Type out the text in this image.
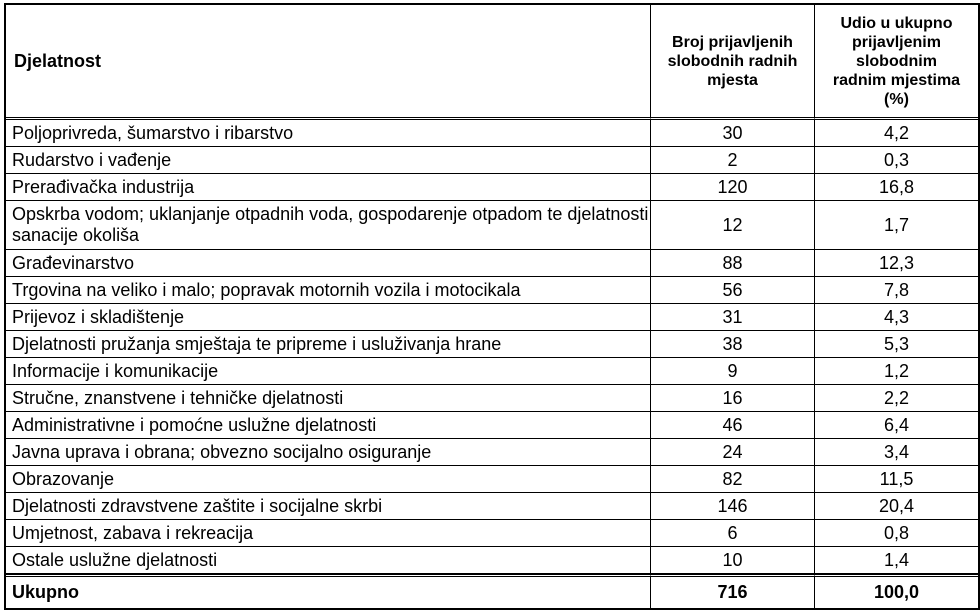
Djelatnost	Broj prijavljenih slobodnih radnih mjesta	Udio u ukupno prijavljenim slobodnim radnim mjestima (%)
Poljoprivreda, šumarstvo i ribarstvo	30	4,2
Rudarstvo i vađenje	2	0,3
Prerađivačka industrija	120	16,8
Opskrba vodom; uklanjanje otpadnih voda, gospodarenje otpadom te djelatnosti sanacije okoliša	12	1,7
Građevinarstvo	88	12,3
Trgovina na veliko i malo; popravak motornih vozila i motocikala	56	7,8
Prijevoz i skladištenje	31	4,3
Djelatnosti pružanja smještaja te pripreme i usluživanja hrane	38	5,3
Informacije i komunikacije	9	1,2
Stručne, znanstvene i tehničke djelatnosti	16	2,2
Administrativne i pomoćne uslužne djelatnosti	46	6,4
Javna uprava i obrana; obvezno socijalno osiguranje	24	3,4
Obrazovanje	82	11,5
Djelatnosti zdravstvene zaštite i socijalne skrbi	146	20,4
Umjetnost, zabava i rekreacija	6	0,8
Ostale uslužne djelatnosti	10	1,4
Ukupno	716	100,0
